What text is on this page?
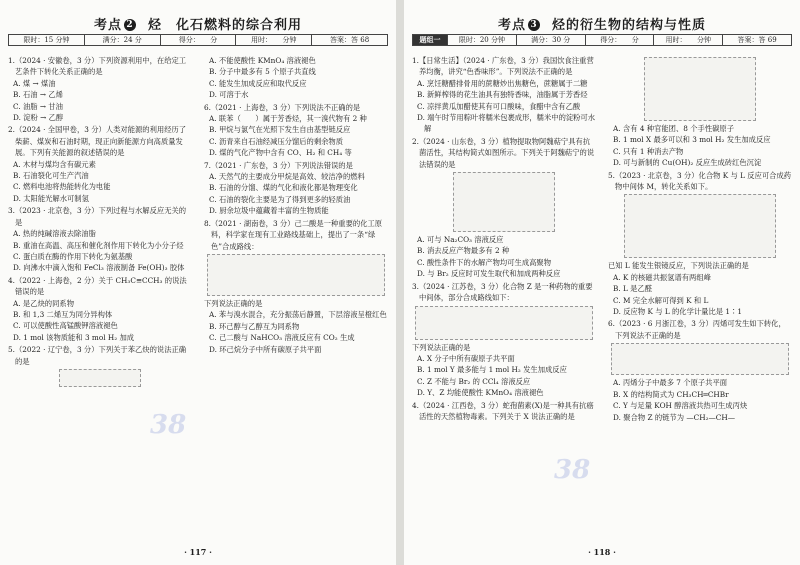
考点 2 烃　化石燃料的综合利用
限时：15 分钟	满分：24 分	得分：　　分	用时：　　分钟	答案：答 68
1.（2024 · 安徽卷，3 分）下列资源利用中，在给定工艺条件下转化关系正确的是
A. 煤 → 煤油
B. 石油 → 乙烯
C. 油脂 → 甘油
D. 淀粉 → 乙醇
2.（2024 · 全国甲卷，3 分）人类对能源的利用经历了柴薪、煤炭和石油时期，现正向新能源方向高质量发展。下列有关能源的叙述错误的是
A. 木材与煤均含有碳元素
B. 石油裂化可生产汽油
C. 燃料电池将热能转化为电能
D. 太阳能光解水可制氢
3.（2023 · 北京卷，3 分）下列过程与水解反应无关的是
A. 热的纯碱溶液去除油脂
B. 重油在高温、高压和催化剂作用下转化为小分子烃
C. 蛋白质在酶的作用下转化为氨基酸
D. 向沸水中滴入饱和 FeCl₃ 溶液制备 Fe(OH)₃ 胶体
4.（2022 · 上海卷，2 分）关于 CH₃C≡CCH₃ 的说法错误的是
A. 是乙炔的同系物
B. 和 1,3 二烯互为同分异构体
C. 可以使酸性高锰酸钾溶液褪色
D. 1 mol 该物质能和 3 mol H₂ 加成
5.（2022 · 辽宁卷，3 分）下列关于苯乙炔的说法正确的是
A. 不能使酸性 KMnO₄ 溶液褪色
B. 分子中最多有 5 个原子共直线
C. 能发生加成反应和取代反应
D. 可溶于水
6.（2021 · 上海卷，3 分）下列说法不正确的是
A. 联苯（　　）属于芳香烃，其一溴代物有 2 种
B. 甲烷与氯气在光照下发生自由基型链反应
C. 沥青来自石油经减压分馏后的剩余物质
D. 煤的气化产物中含有 CO、H₂ 和 CH₄ 等
7.（2021 · 广东卷，3 分）下列说法错误的是
A. 天然气的主要成分甲烷是高效、较洁净的燃料
B. 石油的分馏、煤的气化和液化都是物理变化
C. 石油的裂化主要是为了得到更多的轻质油
D. 厨余垃圾中蕴藏着丰富的生物质能
8.（2021 · 湖南卷，3 分）己二酸是一种重要的化工原料，科学家在现有工业路线基础上，提出了一条“绿色”合成路线：
下列说法正确的是
A. 苯与溴水混合，充分振荡后静置，下层溶液呈橙红色
B. 环己醇与乙醇互为同系物
C. 己二酸与 NaHCO₃ 溶液反应有 CO₂ 生成
D. 环己烷分子中所有碳原子共平面
38
· 117 ·
考点 3 烃的衍生物的结构与性质
题组一	限时：20 分钟	满分：30 分	得分：　　分	用时：　　分钟	答案：答 69
1.【日常生活】（2024 · 广东卷，3 分）我国饮食注重营养均衡，讲究“色香味形”。下列说法不正确的是
A. 烹饪糖醋排骨用的蔗糖炒出焦糖色，蔗糖属于二糖
B. 新鲜榨得的花生油具有独特香味，油脂属于芳香烃
C. 凉拌黄瓜加醋使其有可口酸味，食醋中含有乙酸
D. 端午时节用粽叶将糯米包裹成形，糯米中的淀粉可水解
2.（2024 · 山东卷，3 分）植物提取物阿魏萜宁具有抗菌活性，其结构简式如图所示。下列关于阿魏萜宁的说法错误的是
A. 可与 Na₂CO₃ 溶液反应
B. 消去反应产物最多有 2 种
C. 酸性条件下的水解产物均可生成高聚物
D. 与 Br₂ 反应时可发生取代和加成两种反应
3.（2024 · 江苏卷，3 分）化合物 Z 是一种药物的重要中间体，部分合成路线如下：
下列说法正确的是
A. X 分子中所有碳原子共平面
B. 1 mol Y 最多能与 1 mol H₂ 发生加成反应
C. Z 不能与 Br₂ 的 CCl₄ 溶液反应
D. Y、Z 均能使酸性 KMnO₄ 溶液褪色
4.（2024 · 江西卷，3 分）蛇孢菌素(X)是一种具有抗癌活性的天然植物毒素。下列关于 X 说法正确的是
A. 含有 4 种官能团、8 个手性碳原子
B. 1 mol X 最多可以和 3 mol H₂ 发生加成反应
C. 只有 1 种消去产物
D. 可与新制的 Cu(OH)₂ 反应生成砖红色沉淀
5.（2023 · 北京卷，3 分）化合物 K 与 L 反应可合成药物中间体 M，转化关系如下。
已知 L 能发生银镜反应，下列说法正确的是
A. K 的核磁共振氢谱有两组峰
B. L 是乙醛
C. M 完全水解可得到 K 和 L
D. 反应物 K 与 L 的化学计量比是 1∶1
6.（2023 · 6 月浙江卷，3 分）丙烯可发生如下转化，下列说法不正确的是
A. 丙烯分子中最多 7 个原子共平面
B. X 的结构简式为 CH₃CH═CHBr
C. Y 与足量 KOH 醇溶液共热可生成丙炔
D. 聚合物 Z 的链节为 —CH₂—CH—
38
· 118 ·
